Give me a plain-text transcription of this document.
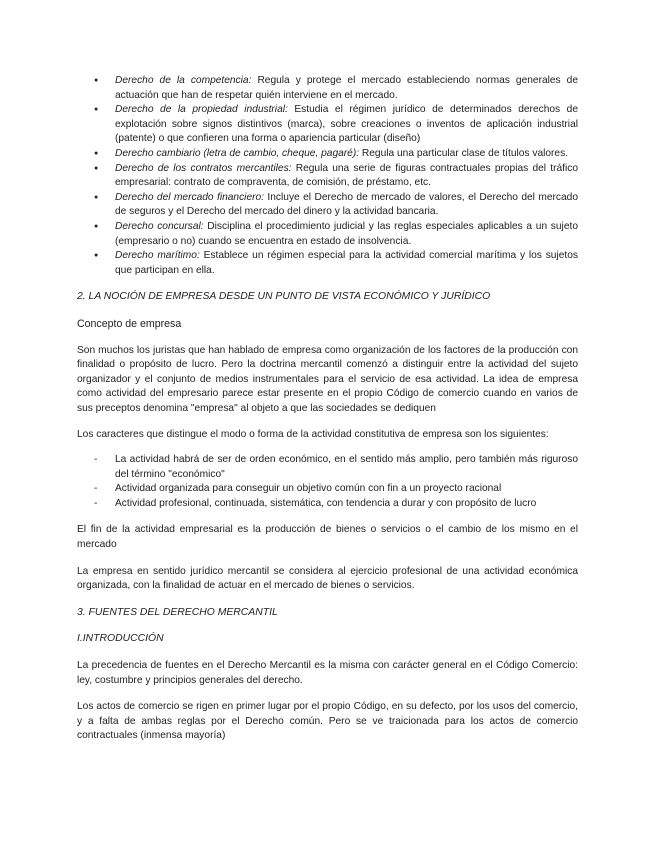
● Derecho de la competencia: Regula y protege el mercado estableciendo normas generales de actuación que han de respetar quién interviene en el mercado.
● Derecho de la propiedad industrial: Estudia el régimen jurídico de determinados derechos de explotación sobre signos distintivos (marca), sobre creaciones o inventos de aplicación industrial (patente) o que confieren una forma o apariencia particular (diseño)
● Derecho cambiario (letra de cambio, cheque, pagaré): Regula una particular clase de títulos valores.
● Derecho de los contratos mercantiles: Regula una serie de figuras contractuales propias del tráfico empresarial: contrato de compraventa, de comisión, de préstamo, etc.
● Derecho del mercado financiero: Incluye el Derecho de mercado de valores, el Derecho del mercado de seguros y el Derecho del mercado del dinero y la actividad bancaria.
● Derecho concursal: Disciplina el procedimiento judicial y las reglas especiales aplicables a un sujeto (empresario o no) cuando se encuentra en estado de insolvencia.
● Derecho marítimo: Establece un régimen especial para la actividad comercial marítima y los sujetos que participan en ella.
2. LA NOCIÓN DE EMPRESA DESDE UN PUNTO DE VISTA ECONÓMICO Y JURÍDICO
Concepto de empresa

Son muchos los juristas que han hablado de empresa como organización de los factores de la producción con finalidad o propósito de lucro. Pero la doctrina mercantil comenzó a distinguir entre la actividad del sujeto organizador y el conjunto de medios instrumentales para el servicio de esa actividad. La idea de empresa como actividad del empresario parece estar presente en el propio Código de comercio cuando en varios de sus preceptos denomina "empresa" al objeto a que las sociedades se dediquen

Los caracteres que distingue el modo o forma de la actividad constitutiva de empresa son los siguientes:

- La actividad habrá de ser de orden económico, en el sentido más amplio, pero también más riguroso del término "económico"
- Actividad organizada para conseguir un objetivo común con fin a un proyecto racional
- Actividad profesional, continuada, sistemática, con tendencia a durar y con propósito de lucro

El fin de la actividad empresarial es la producción de bienes o servicios o el cambio de los mismo en el mercado

La empresa en sentido jurídico mercantil se considera al ejercicio profesional de una actividad económica organizada, con la finalidad de actuar en el mercado de bienes o servicios.

3. FUENTES DEL DERECHO MERCANTIL
I.INTRODUCCIÓN

La precedencia de fuentes en el Derecho Mercantil es la misma con carácter general en el Código Comercio: ley, costumbre y principios generales del derecho.

Los actos de comercio se rigen en primer lugar por el propio Código, en su defecto, por los usos del comercio, y a falta de ambas reglas por el Derecho común. Pero se ve traicionada para los actos de comercio contractuales (inmensa mayoría)
